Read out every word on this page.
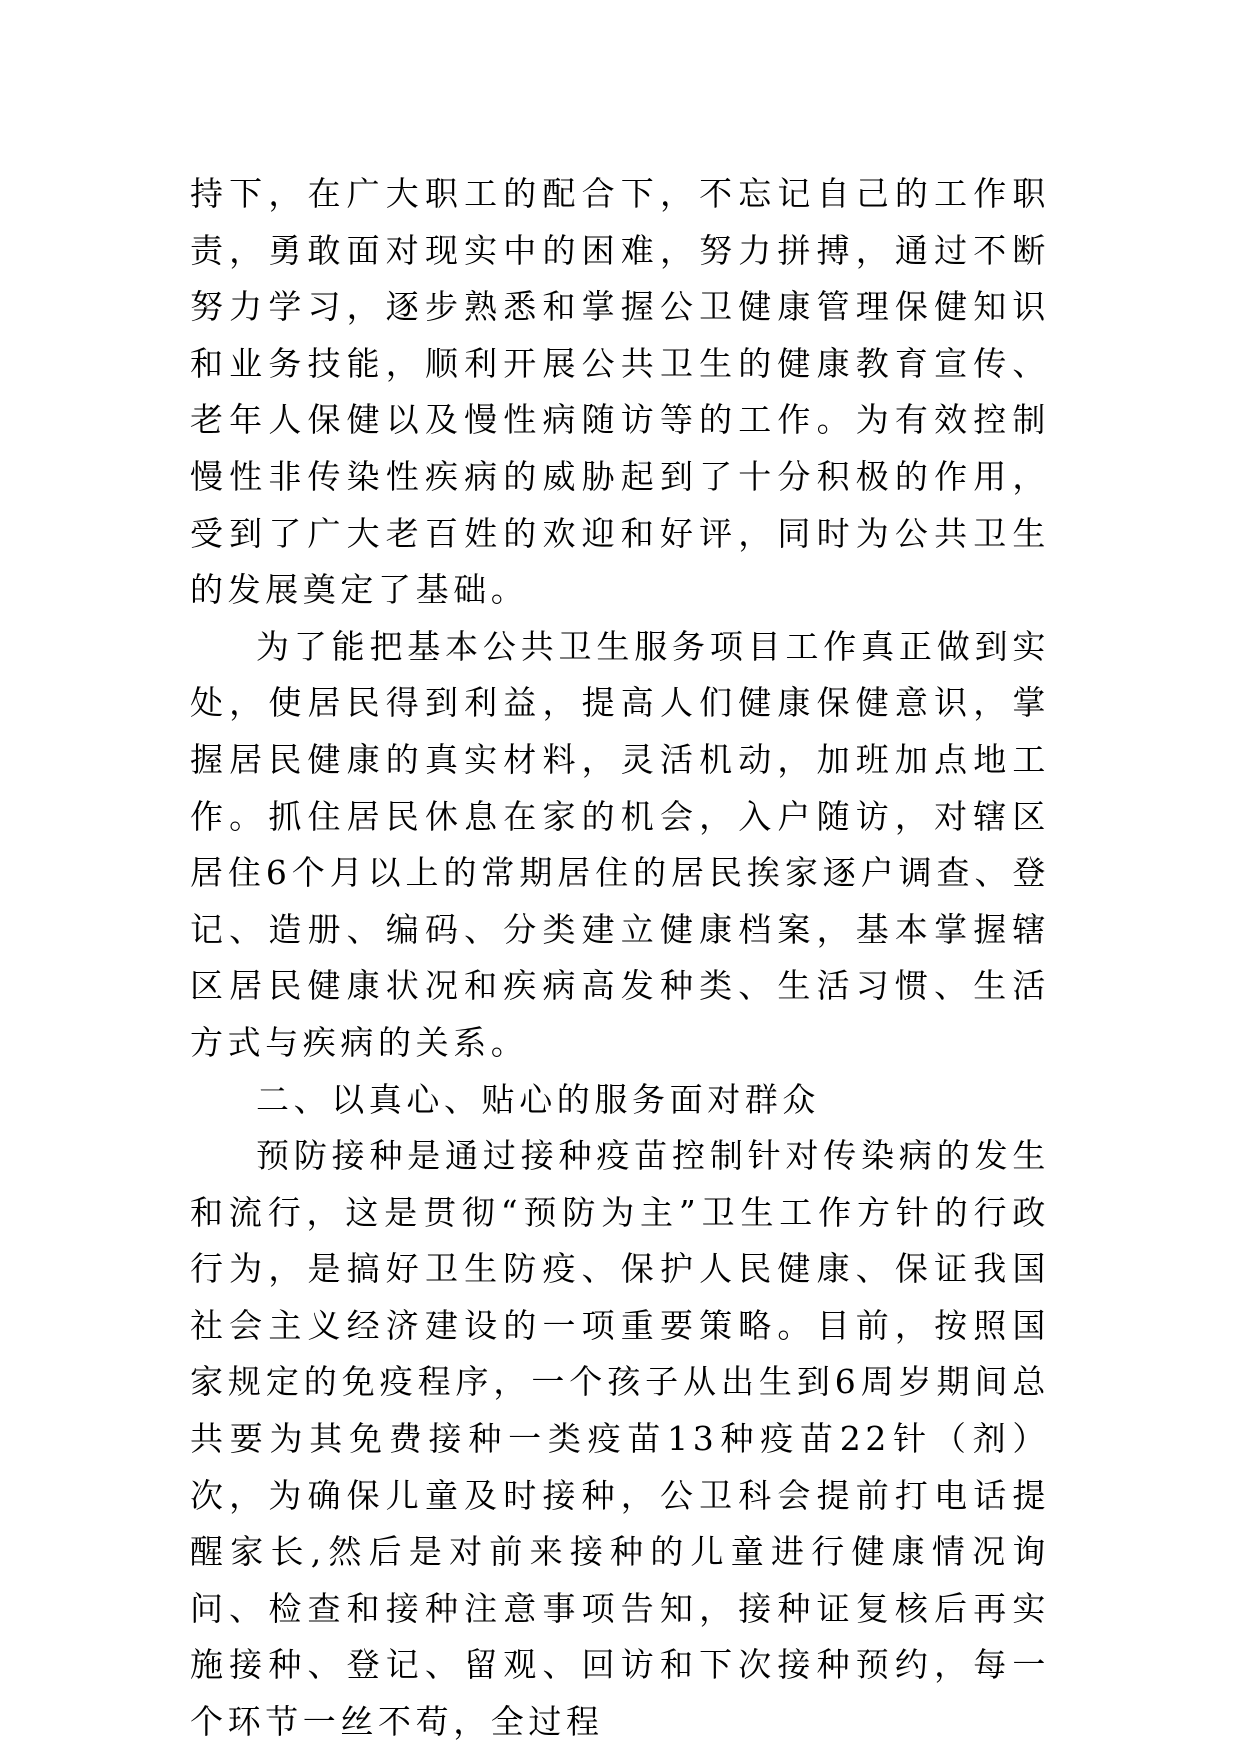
持下，在广大职工的配合下，不忘记自己的工作职责，勇敢面对现实中的困难，努力拼搏，通过不断努力学习，逐步熟悉和掌握公卫健康管理保健知识和业务技能，顺利开展公共卫生的健康教育宣传、老年人保健以及慢性病随访等的工作。为有效控制慢性非传染性疾病的威胁起到了十分积极的作用，受到了广大老百姓的欢迎和好评，同时为公共卫生的发展奠定了基础。

为了能把基本公共卫生服务项目工作真正做到实处，使居民得到利益，提高人们健康保健意识，掌握居民健康的真实材料，灵活机动，加班加点地工作。抓住居民休息在家的机会，入户随访，对辖区居住6个月以上的常期居住的居民挨家逐户调查、登记、造册、编码、分类建立健康档案，基本掌握辖区居民健康状况和疾病高发种类、生活习惯、生活方式与疾病的关系。

二、以真心、贴心的服务面对群众

预防接种是通过接种疫苗控制针对传染病的发生和流行，这是贯彻“预防为主”卫生工作方针的行政行为，是搞好卫生防疫、保护人民健康、保证我国社会主义经济建设的一项重要策略。目前，按照国家规定的免疫程序，一个孩子从出生到6周岁期间总共要为其免费接种一类疫苗13种疫苗22针（剂）次，为确保儿童及时接种，公卫科会提前打电话提醒家长,然后是对前来接种的儿童进行健康情况询问、检查和接种注意事项告知，接种证复核后再实施接种、登记、留观、回访和下次接种预约，每一个环节一丝不苟，全过程
